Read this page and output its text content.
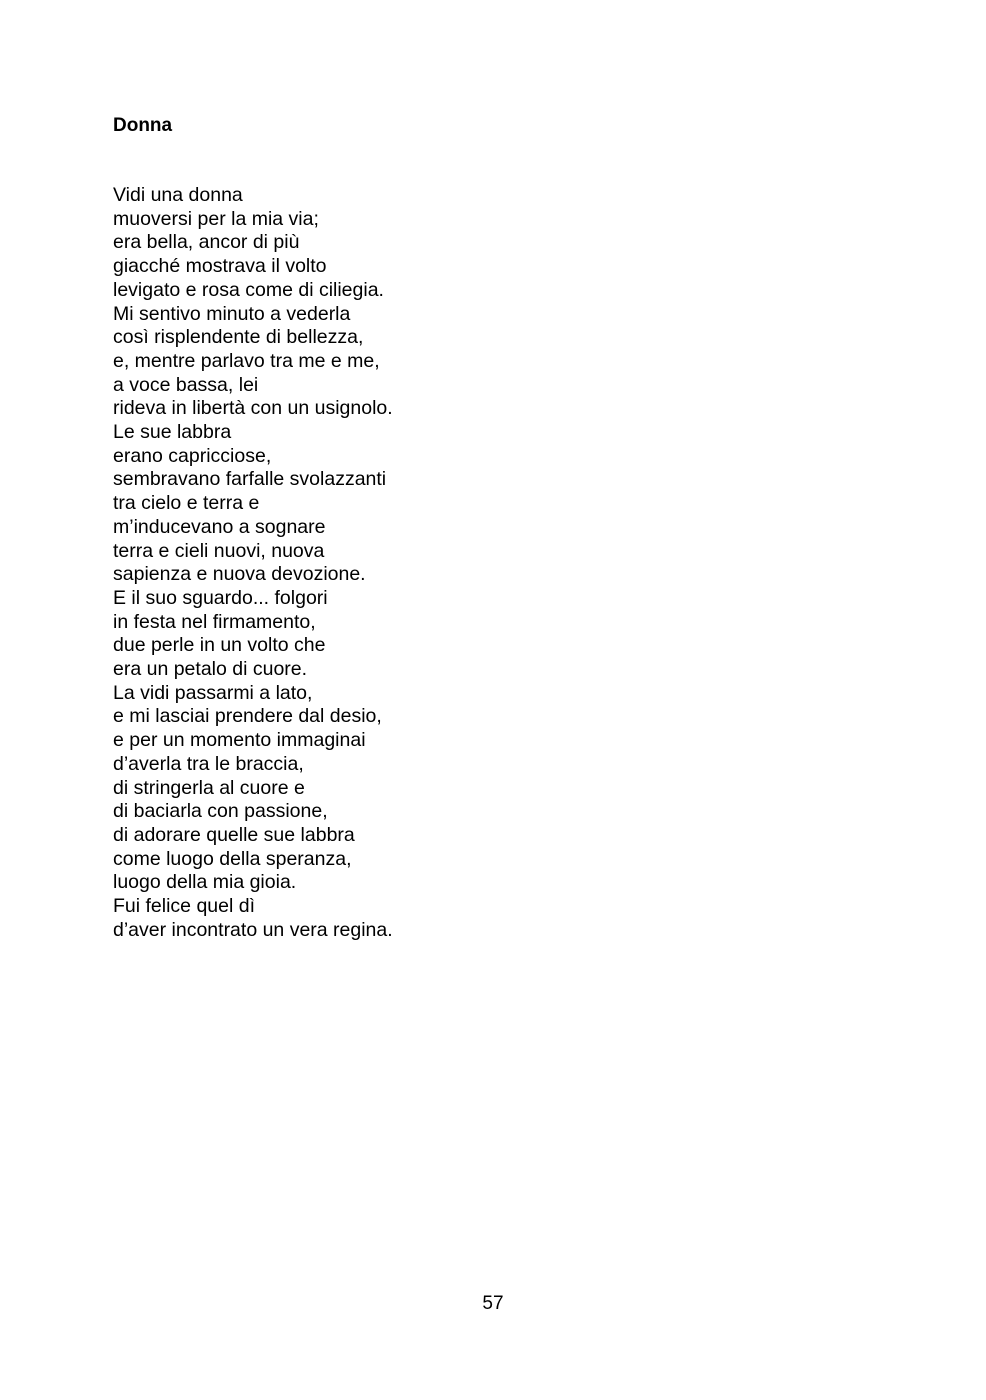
Donna
Vidi una donna
muoversi per la mia via;
era bella, ancor di più
giacché mostrava il volto
levigato e rosa come di ciliegia.
Mi sentivo minuto a vederla
così risplendente di bellezza,
e, mentre parlavo tra me e me,
a voce bassa, lei
rideva in libertà con un usignolo.
Le sue labbra
erano capricciose,
sembravano farfalle svolazzanti
tra cielo e terra e
m’inducevano a sognare
terra e cieli nuovi, nuova
sapienza e nuova devozione.
E il suo sguardo... folgori
in festa nel firmamento,
due perle in un volto che
era un petalo di cuore.
La vidi passarmi a lato,
e mi lasciai prendere dal desio,
e per un momento immaginai
d’averla tra le braccia,
di stringerla al cuore e
di baciarla con passione,
di adorare quelle sue labbra
come luogo della speranza,
luogo della mia gioia.
Fui felice quel dì
d’aver incontrato un vera regina.
57
